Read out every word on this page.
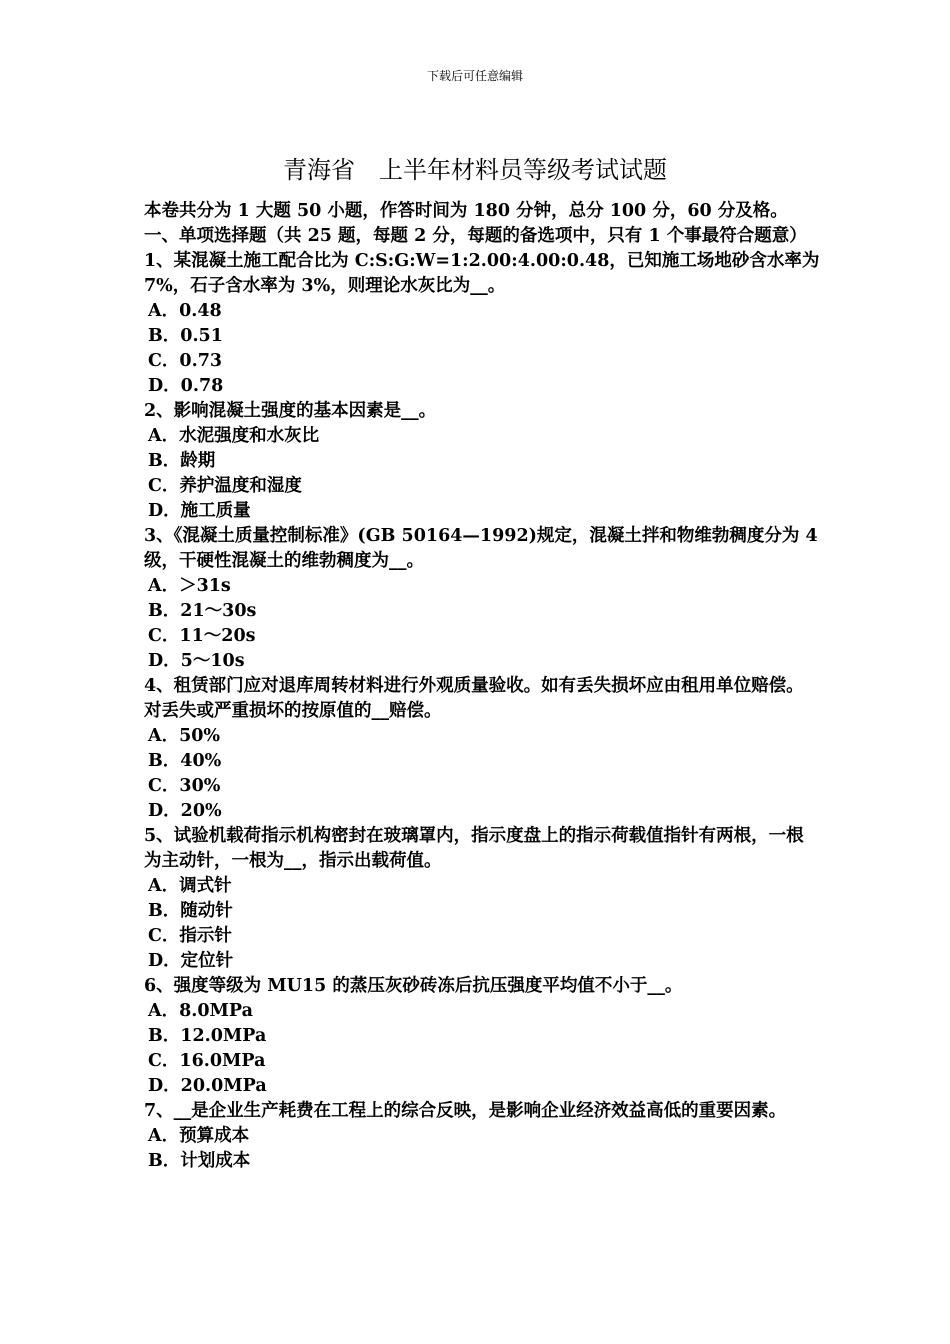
下载后可任意编辑
青海省　上半年材料员等级考试试题

本卷共分为 1 大题 50 小题，作答时间为 180 分钟，总分 100 分，60 分及格。

一、单项选择题（共 25 题，每题 2 分，每题的备选项中，只有 1 个事最符合题意）

1、某混凝土施工配合比为 C:S:G:W=1:2.00:4.00:0.48，已知施工场地砂含水率为 7%，石子含水率为 3%，则理论水灰比为__。

A．0.48
B．0.51
C．0.73
D．0.78

2、影响混凝土强度的基本因素是__。

A．水泥强度和水灰比
B．龄期
C．养护温度和湿度
D．施工质量

3、《混凝土质量控制标准》(GB 50164—1992)规定，混凝土拌和物维勃稠度分为 4 级，干硬性混凝土的维勃稠度为__。

A．＞31s
B．21～30s
C．11～20s
D．5～10s

4、租赁部门应对退库周转材料进行外观质量验收。如有丢失损坏应由租用单位赔偿。对丢失或严重损坏的按原值的__赔偿。

A．50%
B．40%
C．30%
D．20%

5、试验机载荷指示机构密封在玻璃罩内，指示度盘上的指示荷载值指针有两根，一根为主动针，一根为__，指示出载荷值。

A．调式针
B．随动针
C．指示针
D．定位针

6、强度等级为 MU15 的蒸压灰砂砖冻后抗压强度平均值不小于__。

A．8.0MPa
B．12.0MPa
C．16.0MPa
D．20.0MPa

7、__是企业生产耗费在工程上的综合反映，是影响企业经济效益高低的重要因素。

A．预算成本
B．计划成本
